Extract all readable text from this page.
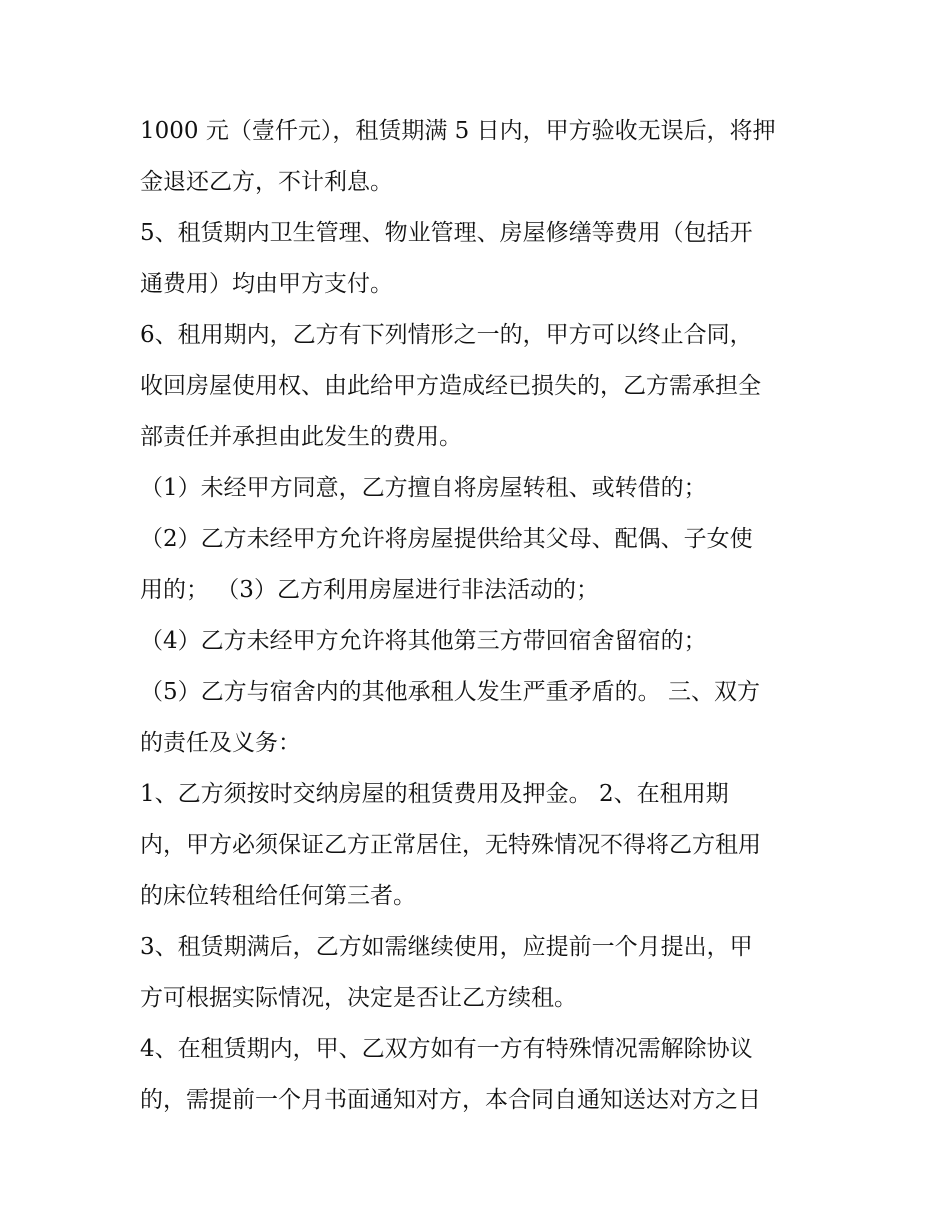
1000 元（壹仟元），租赁期满 5 日内，甲方验收无误后，将押
金退还乙方，不计利息。
5、租赁期内卫生管理、物业管理、房屋修缮等费用（包括开
通费用）均由甲方支付。
6、租用期内，乙方有下列情形之一的，甲方可以终止合同，
收回房屋使用权、由此给甲方造成经已损失的，乙方需承担全
部责任并承担由此发生的费用。
（1）未经甲方同意，乙方擅自将房屋转租、或转借的；
（2）乙方未经甲方允许将房屋提供给其父母、配偶、子女使
用的； （3）乙方利用房屋进行非法活动的；
（4）乙方未经甲方允许将其他第三方带回宿舍留宿的；
（5）乙方与宿舍内的其他承租人发生严重矛盾的。 三、双方
的责任及义务：
1、乙方须按时交纳房屋的租赁费用及押金。 2、在租用期
内，甲方必须保证乙方正常居住，无特殊情况不得将乙方租用
的床位转租给任何第三者。
3、租赁期满后，乙方如需继续使用，应提前一个月提出，甲
方可根据实际情况，决定是否让乙方续租。
4、在租赁期内，甲、乙双方如有一方有特殊情况需解除协议
的，需提前一个月书面通知对方，本合同自通知送达对方之日
